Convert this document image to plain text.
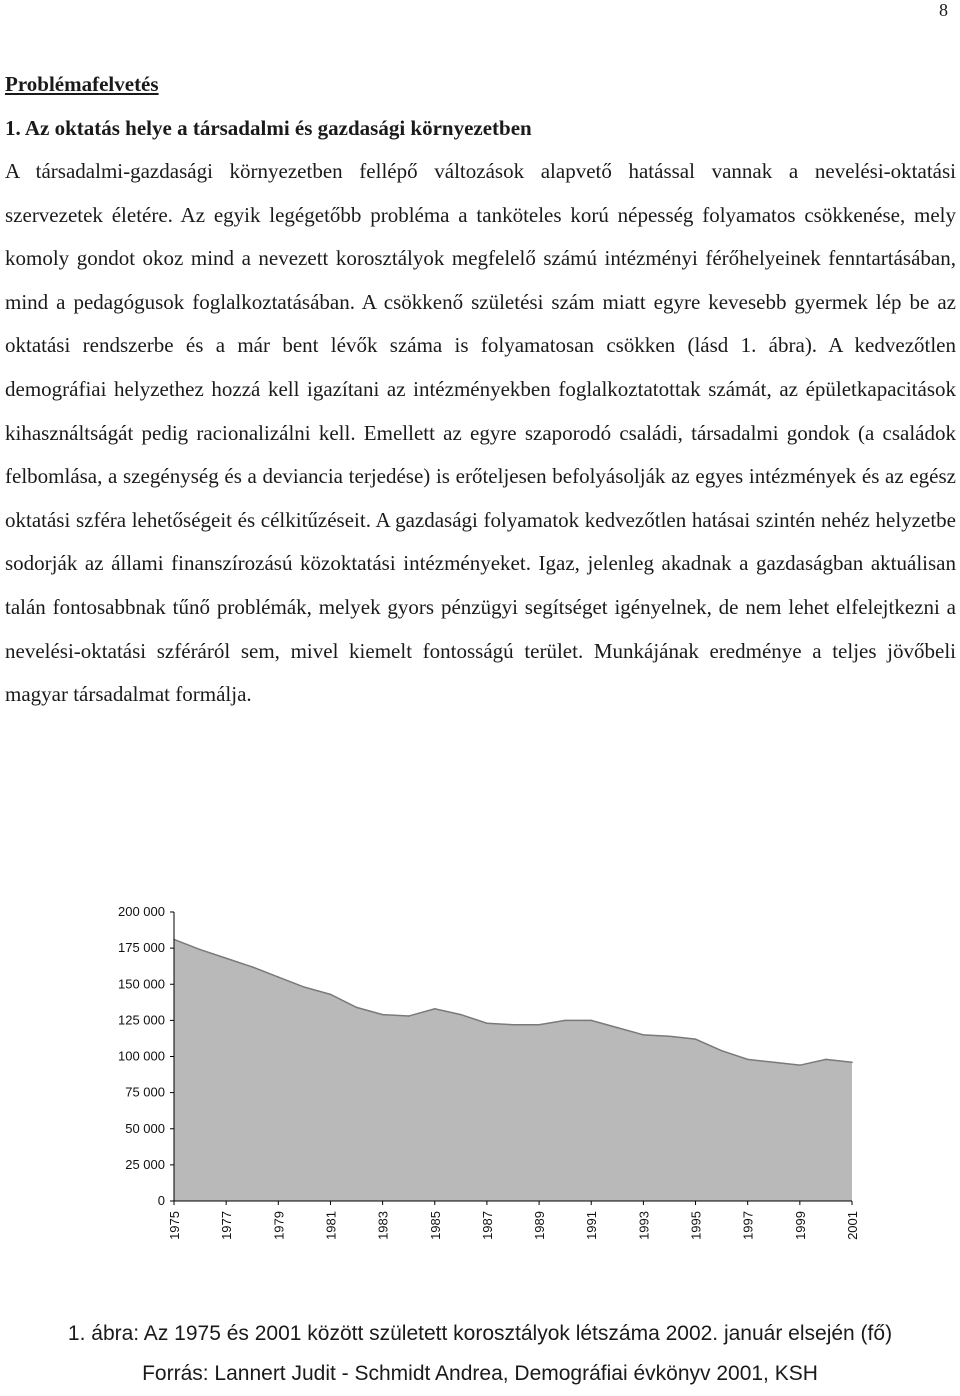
8
Problémafelvetés
1. Az oktatás helye a társadalmi és gazdasági környezetben

A társadalmi-gazdasági környezetben fellépő változások alapvető hatással vannak a nevelési-oktatási szervezetek életére. Az egyik legégetőbb probléma a tanköteles korú népesség folyamatos csökkenése, mely komoly gondot okoz mind a nevezett korosztályok megfelelő számú intézményi férőhelyeinek fenntartásában, mind a pedagógusok foglalkoztatásában. A csökkenő születési szám miatt egyre kevesebb gyermek lép be az oktatási rendszerbe és a már bent lévők száma is folyamatosan csökken (lásd 1. ábra). A kedvezőtlen demográfiai helyzethez hozzá kell igazítani az intézményekben foglalkoztatottak számát, az épületkapacitások kihasználtságát pedig racionalizálni kell. Emellett az egyre szaporodó családi, társadalmi gondok (a családok felbomlása, a szegénység és a deviancia terjedése) is erőteljesen befolyásolják az egyes intézmények és az egész oktatási szféra lehetőségeit és célkitűzéseit. A gazdasági folyamatok kedvezőtlen hatásai szintén nehéz helyzetbe sodorják az állami finanszírozású közoktatási intézményeket. Igaz, jelenleg akadnak a gazdaságban aktuálisan talán fontosabbnak tűnő problémák, melyek gyors pénzügyi segítséget igényelnek, de nem lehet elfelejtkezni a nevelési-oktatási szféráról sem, mivel kiemelt fontosságú terület. Munkájának eredménye a teljes jövőbeli magyar társadalmat formálja.

200 000
175 000
150 000
125 000
100 000
75 000
50 000
25 000
0
1975	1977	1979	1981	1983	1985	1987	1989	1991	1993	1995	1997	1999	2001
1. ábra: Az 1975 és 2001 között született korosztályok létszáma 2002. január elsején (fő)
Forrás: Lannert Judit - Schmidt Andrea, Demográfiai évkönyv 2001, KSH
